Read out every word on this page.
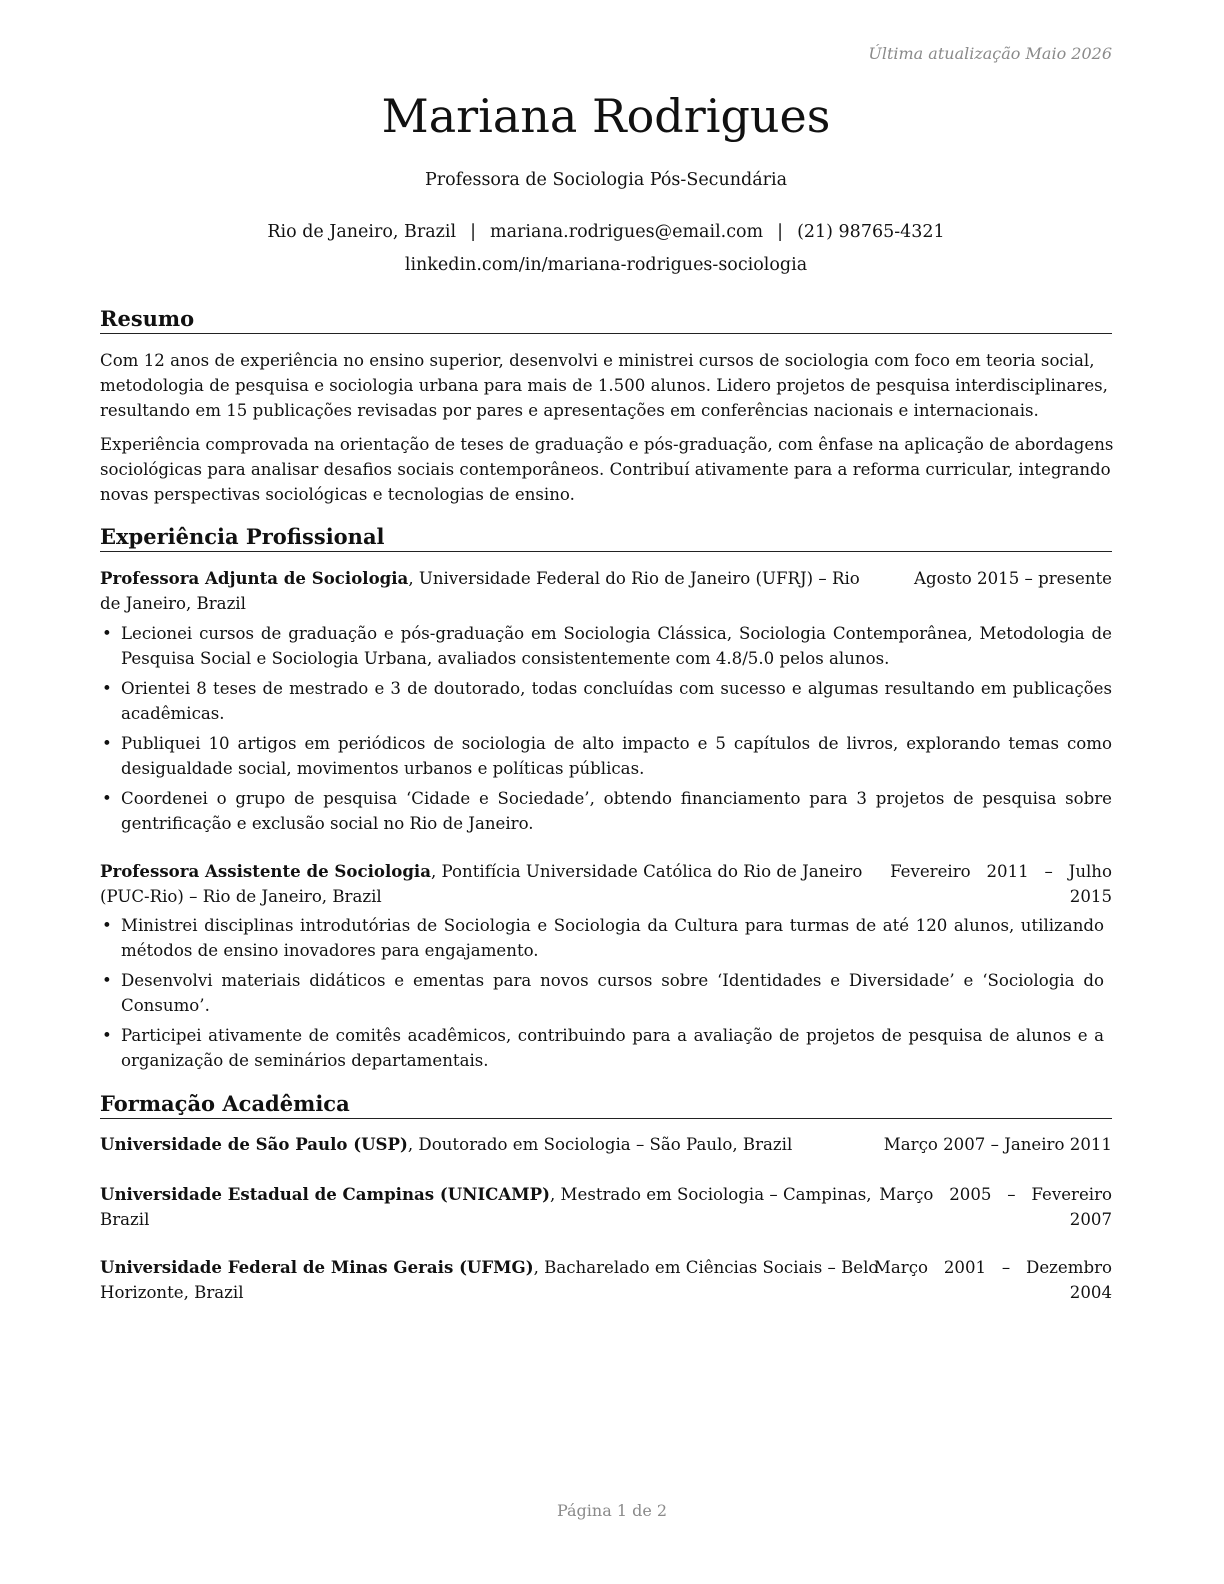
Última atualização Maio 2026
Mariana Rodrigues
Professora de Sociologia Pós-Secundária
Rio de Janeiro, Brazil | mariana.rodrigues@email.com | (21) 98765-4321
linkedin.com/in/mariana-rodrigues-sociologia
Resumo

Com 12 anos de experiência no ensino superior, desenvolvi e ministrei cursos de sociologia com foco em teoria social, metodologia de pesquisa e sociologia urbana para mais de 1.500 alunos. Lidero projetos de pesquisa interdisciplinares, resultando em 15 publicações revisadas por pares e apresentações em conferências nacionais e internacionais.

Experiência comprovada na orientação de teses de graduação e pós-graduação, com ênfase na aplicação de abordagens sociológicas para analisar desafios sociais contemporâneos. Contribuí ativamente para a reforma curricular, integrando novas perspectivas sociológicas e tecnologias de ensino.

Experiência Profissional
Professora Adjunta de Sociologia, Universidade Federal do Rio de Janeiro (UFRJ) – Rio
de Janeiro, Brazil
Agosto 2015 – presente
• Lecionei cursos de graduação e pós-graduação em Sociologia Clássica, Sociologia Contemporânea, Metodologia de Pesquisa Social e Sociologia Urbana, avaliados consistentemente com 4.8/5.0 pelos alunos.
• Orientei 8 teses de mestrado e 3 de doutorado, todas concluídas com sucesso e algumas resultando em publicações acadêmicas.
• Publiquei 10 artigos em periódicos de sociologia de alto impacto e 5 capítulos de livros, explorando temas como desigualdade social, movimentos urbanos e políticas públicas.
• Coordenei o grupo de pesquisa ‘Cidade e Sociedade’, obtendo financiamento para 3 projetos de pesquisa sobre gentrificação e exclusão social no Rio de Janeiro.
Professora Assistente de Sociologia, Pontifícia Universidade Católica do Rio de Janeiro
(PUC-Rio) – Rio de Janeiro, Brazil
Fevereiro   2011   –   Julho
2015
• Ministrei disciplinas introdutórias de Sociologia e Sociologia da Cultura para turmas de até 120 alunos, utilizando métodos de ensino inovadores para engajamento.
• Desenvolvi materiais didáticos e ementas para novos cursos sobre ‘Identidades e Diversidade’ e ‘Sociologia do Consumo’.
• Participei ativamente de comitês acadêmicos, contribuindo para a avaliação de projetos de pesquisa de alunos e a organização de seminários departamentais.
Formação Acadêmica
Universidade de São Paulo (USP), Doutorado em Sociologia – São Paulo, Brazil	Março 2007 – Janeiro 2011
Universidade Estadual de Campinas (UNICAMP), Mestrado em Sociologia – Campinas,
Brazil
Março   2005   –   Fevereiro
2007
Universidade Federal de Minas Gerais (UFMG), Bacharelado em Ciências Sociais – Belo
Horizonte, Brazil
Março   2001   –   Dezembro
2004
Página 1 de 2
